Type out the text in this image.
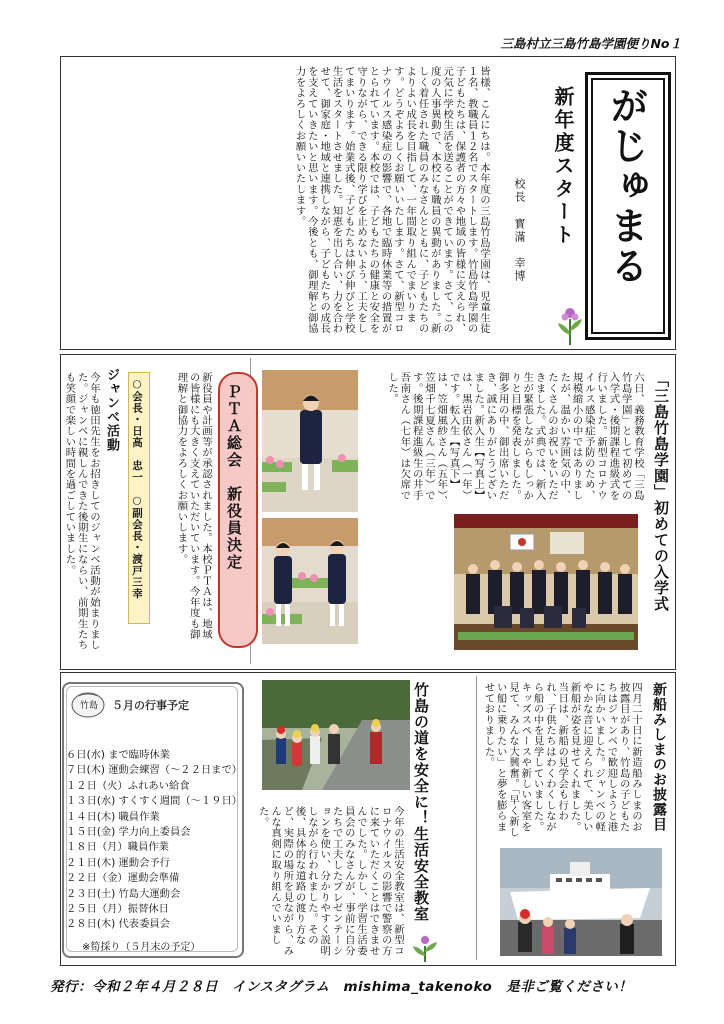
三島村立三島竹島学園便りNo１
がじゅまる
新年度スタート
校長寳滿　幸博
皆様、こんにちは。本年度の三島竹島学園は、児童生徒１名、教職員１２名でスタートします。竹島竹島学園の子どもたちは、保護者の方々や地域の皆様に支えられ、元気に学校生活を送ることができています。さて、この度の人事異動で、本校にも職員の異動がありました。新しく着任された職員のみなさんとともに、子どもたちのよりよい成長を目指して、一年間取り組んでまいります。どうぞよろしくお願いいたします。さて、新型コロナウイルス感染症の影響で、各地で臨時休業等の措置がとられています。本校では、子どもたちの健康と安全を守りながら、できる限り学びを止めないよう、工夫をしてまいります。始業式後、子どもたちは伸び伸びと学校生活をスタートさせました。知恵を出し合い、力を合わせて、御家庭・地域と連携しながら、子どもたちの成長を支えていきたいと思います。今後とも、御理解と御協力をよろしくお願いいたします。
「三島竹島学園」初めての入学式
六日、義務教育学校「三島竹島学園」として初めての入学式・後期課程進級式を行いました。新型コロナウイルス感染症予防のため、規模縮小の中ではありましたが、温かい雰囲気の中、たくさんのお祝いをいただきました。式典では、新入生が緊張しながらもしっかりと目標を発表しました。御多用の中、御出席いただき、誠にありがとうございました。新入生【写真上】は、黒岩由依さん（一年）です。転入生【写真下】は、笠畑風紗さん（五年）、笠畑千七夏さん（三年）です。後期課程進級生の井手吾南さん（七年）は欠席でした。
ＰＴＡ総会　新役員決定
新役員や計画等が承認されました。本校ＰＴＡは、地域の皆様にも大きく支えていただいています。今年度も御理解と御協力をよろしくお願いします。
○会長・日高　忠一　○副会長・渡戸三幸
ジャンベ活動
今年も徳田先生をお招きしてのジャンベ活動が始まりました。ジャンベに親しんできた後期生にならい、前期生たちも笑顔で楽しい時間を過ごしていました。
竹島 ５月の行事予定
６日(水) まで臨時休業
７日(木) 運動会練習（～２２日まで）
１２日（火）ふれあい給食
１３日(水) すくすく週間（～１９日）
１４日(木) 職員作業
１５日(金) 学力向上委員会
１８日（月）職員作業
２１日(木) 運動会予行
２２日（金）運動会準備
２３日(土) 竹島大運動会
２５日（月）振替休日
２８日(木) 代表委員会
※筍採り（５月末の予定）
竹島の道を安全に！生活安全教室
今年の生活安全教室は、新型コロナウイルスの影響で警察の方に来ていただくことはできませんでした。しかし、学習生活委員会のみなさんが、事前に自分たちで工夫したプレゼンテーションを使い、分かりやすく説明しながら行われました。その後、具体的な道路の渡り方など、実際の場所を見ながら、みんな真剣に取り組んでいました。	新船みしまのお披露目
四月二十日に新造船みしまのお披露目があり、竹島の子どもたちはジャンベで歓迎しようと港に向かいました。ジャンベの軽やかな音に迎えられて、美しい新船が姿を見せてくれました。当日は、新船の見学会も行われ、子供たちはわくわくしながら船の中を見学していました。キッズスペースや新しい客室を見て、みんな大興奮。「早く新しい船に乗りたい」と夢を膨らませておりました。
発行：令和２年４月２８日　インスタグラム　mishima_takenoko　是非ご覧ください！
